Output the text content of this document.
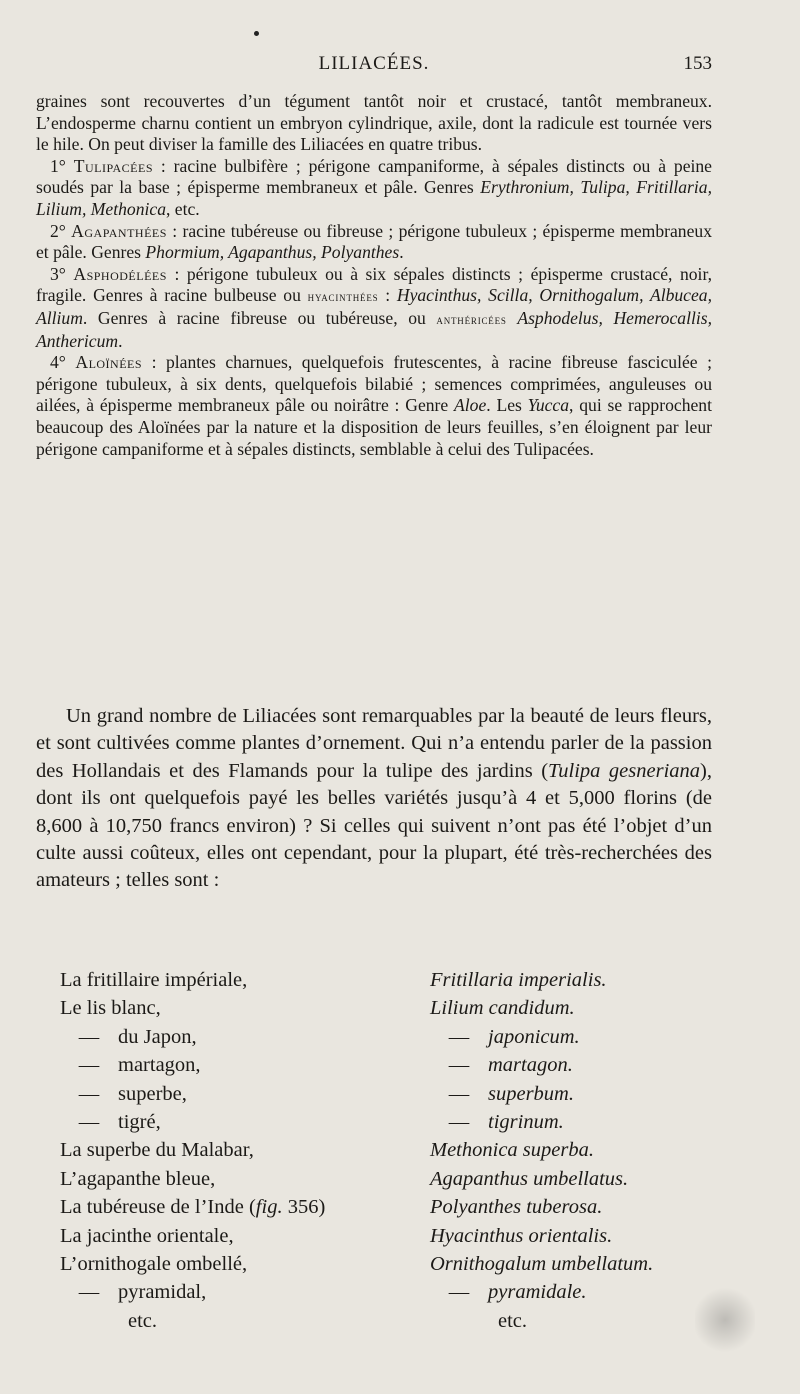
LILIACÉES.	153

graines sont recouvertes d’un tégument tantôt noir et crustacé, tantôt membraneux. L’endosperme charnu contient un embryon cylindrique, axile, dont la radicule est tournée vers le hile. On peut diviser la famille des Liliacées en quatre tribus.

1° Tulipacées : racine bulbifère ; périgone campaniforme, à sépales distincts ou à peine soudés par la base ; épisperme membraneux et pâle. Genres Erythronium, Tulipa, Fritillaria, Lilium, Methonica, etc.

2° Agapanthées : racine tubéreuse ou fibreuse ; périgone tubuleux ; épisperme membraneux et pâle. Genres Phormium, Agapanthus, Polyanthes.

3° Asphodélées : périgone tubuleux ou à six sépales distincts ; épisperme crustacé, noir, fragile. Genres à racine bulbeuse ou hyacinthées : Hyacinthus, Scilla, Ornithogalum, Albucea, Allium. Genres à racine fibreuse ou tubéreuse, ou anthéricées Asphodelus, Hemerocallis, Anthericum.

4° Aloïnées : plantes charnues, quelquefois frutescentes, à racine fibreuse fasciculée ; périgone tubuleux, à six dents, quelquefois bilabié ; semences comprimées, anguleuses ou ailées, à épisperme membraneux pâle ou noirâtre : Genre Aloe. Les Yucca, qui se rapprochent beaucoup des Aloïnées par la nature et la disposition de leurs feuilles, s’en éloignent par leur périgone campaniforme et à sépales distincts, semblable à celui des Tulipacées.

Un grand nombre de Liliacées sont remarquables par la beauté de leurs fleurs, et sont cultivées comme plantes d’ornement. Qui n’a entendu parler de la passion des Hollandais et des Flamands pour la tulipe des jardins (Tulipa gesneriana), dont ils ont quelquefois payé les belles variétés jusqu’à 4 et 5,000 florins (de 8,600 à 10,750 francs environ) ? Si celles qui suivent n’ont pas été l’objet d’un culte aussi coûteux, elles ont cependant, pour la plupart, été très-recherchées des amateurs ; telles sont :

La fritillaire impériale,	Fritillaria imperialis.
Le lis blanc,	Lilium candidum.
— du Japon,	— japonicum.
— martagon,	— martagon.
— superbe,	— superbum.
— tigré,	— tigrinum.
La superbe du Malabar,	Methonica superba.
L’agapanthe bleue,	Agapanthus umbellatus.
La tubéreuse de l’Inde (fig. 356)	Polyanthes tuberosa.
La jacinthe orientale,	Hyacinthus orientalis.
L’ornithogale ombellé,	Ornithogalum umbellatum.
— pyramidal,	— pyramidale.
etc.	etc.
